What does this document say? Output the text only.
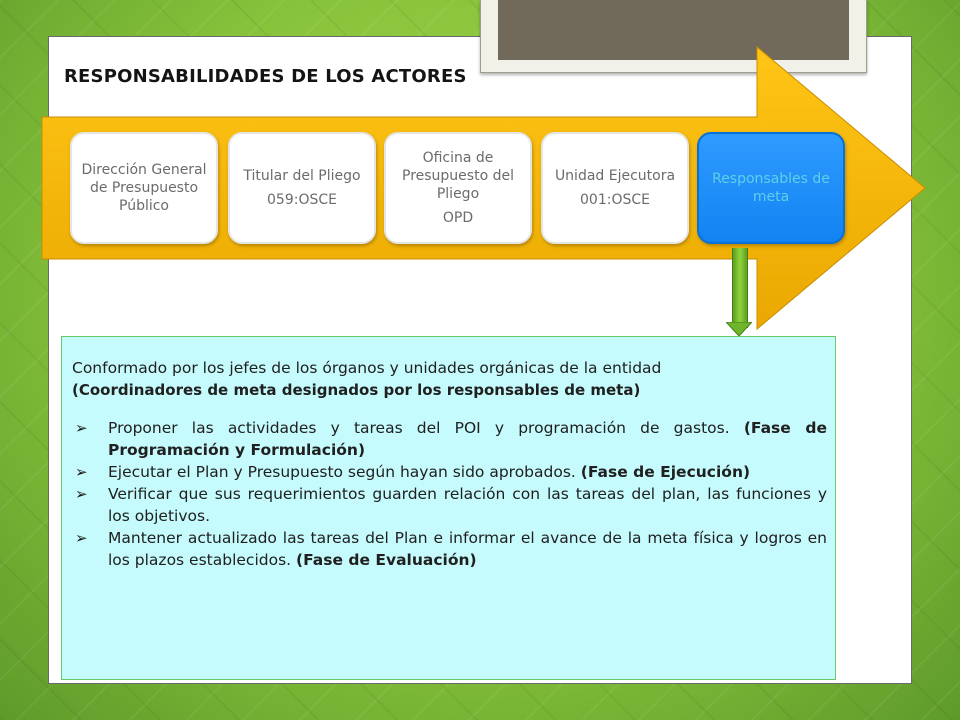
RESPONSABILIDADES DE LOS ACTORES
Dirección General de Presupuesto Público
Titular del Pliego
059:OSCE
Oficina de Presupuesto del Pliego
OPD
Unidad Ejecutora
001:OSCE
Responsables de meta
Conformado por los jefes de los órganos y unidades orgánicas de la entidad
(Coordinadores de meta designados por los responsables de meta)
➢ Proponer las actividades y tareas del POI y programación de gastos. (Fase de Programación y Formulación)
➢ Ejecutar el Plan y Presupuesto según hayan sido aprobados. (Fase de Ejecución)
➢ Verificar que sus requerimientos guarden relación con las tareas del plan, las funciones y los objetivos.
➢ Mantener actualizado las tareas del Plan e informar el avance de la meta física y logros en los plazos establecidos. (Fase de Evaluación)
